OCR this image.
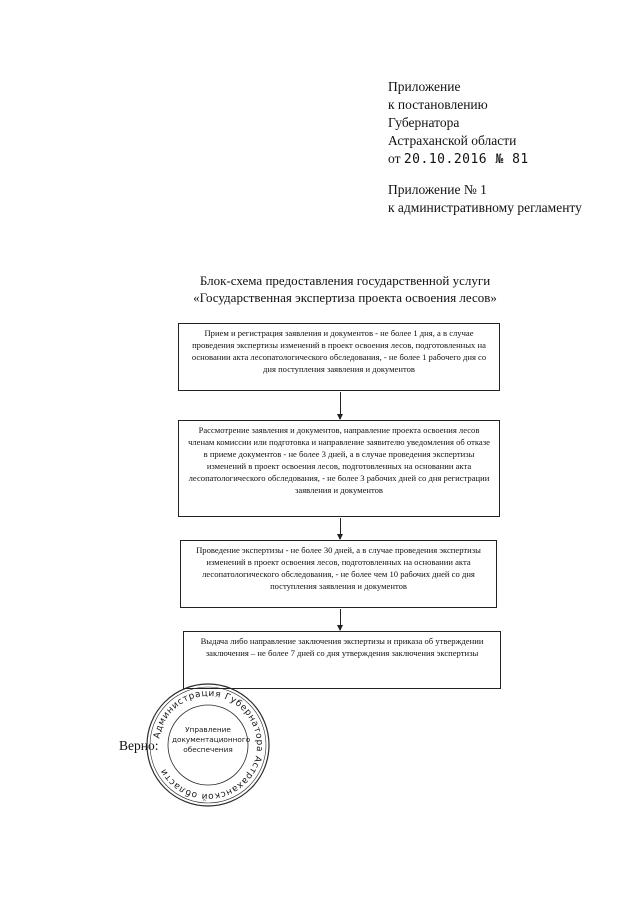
Приложение
к постановлению
Губернатора
Астраханской области
от 20.10.2016 № 81
Приложение № 1
к административному регламенту
Блок-схема предоставления государственной услуги
«Государственная экспертиза проекта освоения лесов»
Прием и регистрация заявления и документов - не более 1 дня, а в случае проведения экспертизы изменений в проект освоения лесов, подготовленных на основании акта лесопатологического обследования, - не более 1 рабочего дня со дня поступления заявления и документов
Рассмотрение заявления и документов, направление проекта освоения лесов членам комиссии или подготовка и направление заявителю уведомления об отказе в приеме документов - не более 3 дней, а в случае проведения экспертизы изменений в проект освоения лесов, подготовленных на основании акта лесопатологического обследования, - не более 3 рабочих дней со дня регистрации заявления и документов
Проведение экспертизы - не более 30 дней, а в случае проведения экспертизы изменений в проект освоения лесов, подготовленных на основании акта лесопатологического обследования, - не более чем 10 рабочих дней со дня поступления заявления и документов
Выдача либо направление заключения экспертизы и приказа об утверждении заключения – не более 7 дней со дня утверждения заключения экспертизы
Верно:
Администрация Губернатора Астраханской области
Управление
документационного
обеспечения
